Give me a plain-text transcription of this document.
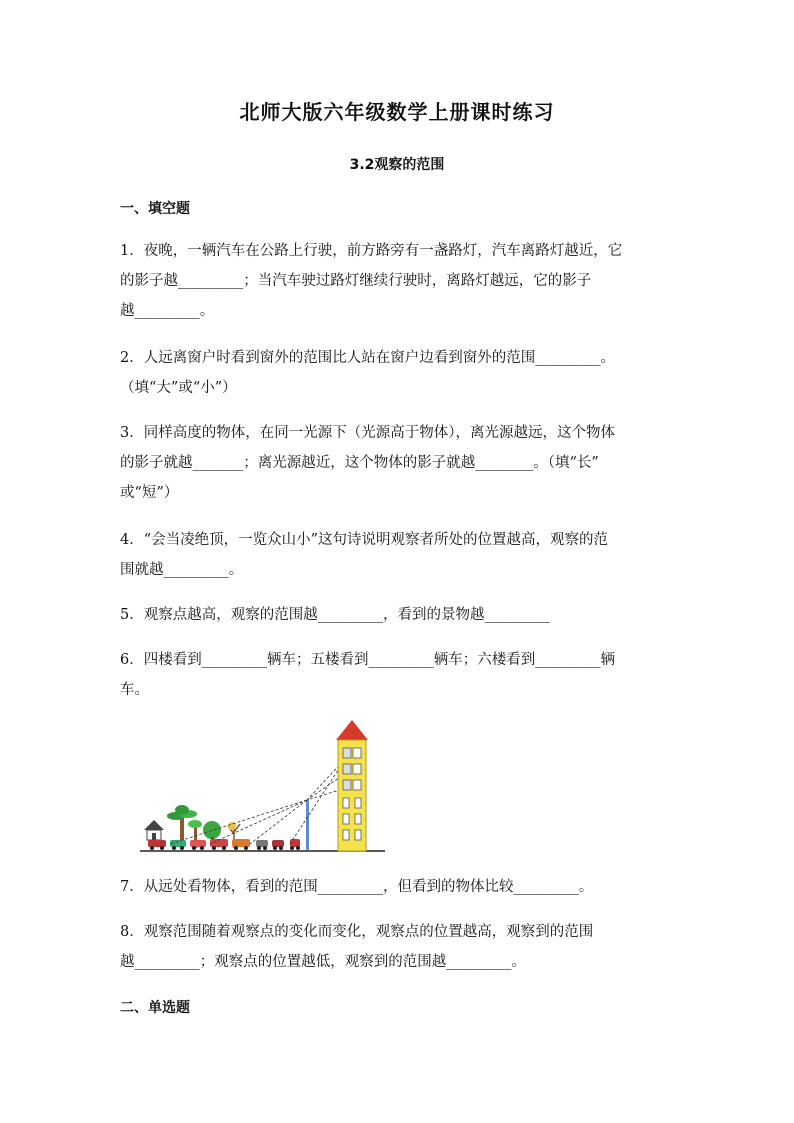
北师大版六年级数学上册课时练习
3.2观察的范围
一、填空题
1．夜晚，一辆汽车在公路上行驶，前方路旁有一盏路灯，汽车离路灯越近，它
的影子越_________；当汽车驶过路灯继续行驶时，离路灯越远，它的影子
越_________。
2．人远离窗户时看到窗外的范围比人站在窗户边看到窗外的范围_________。
（填“大”或“小”）
3．同样高度的物体，在同一光源下（光源高于物体），离光源越远，这个物体
的影子就越_______；离光源越近，这个物体的影子就越________。（填“长”
或“短”）
4．“会当凌绝顶，一览众山小”这句诗说明观察者所处的位置越高，观察的范
围就越_________。
5．观察点越高，观察的范围越_________，看到的景物越_________
6．四楼看到_________辆车；五楼看到_________辆车；六楼看到_________辆
车。
7．从远处看物体，看到的范围_________，但看到的物体比较_________。
8．观察范围随着观察点的变化而变化，观察点的位置越高，观察到的范围
越_________；观察点的位置越低，观察到的范围越_________。
二、单选题
